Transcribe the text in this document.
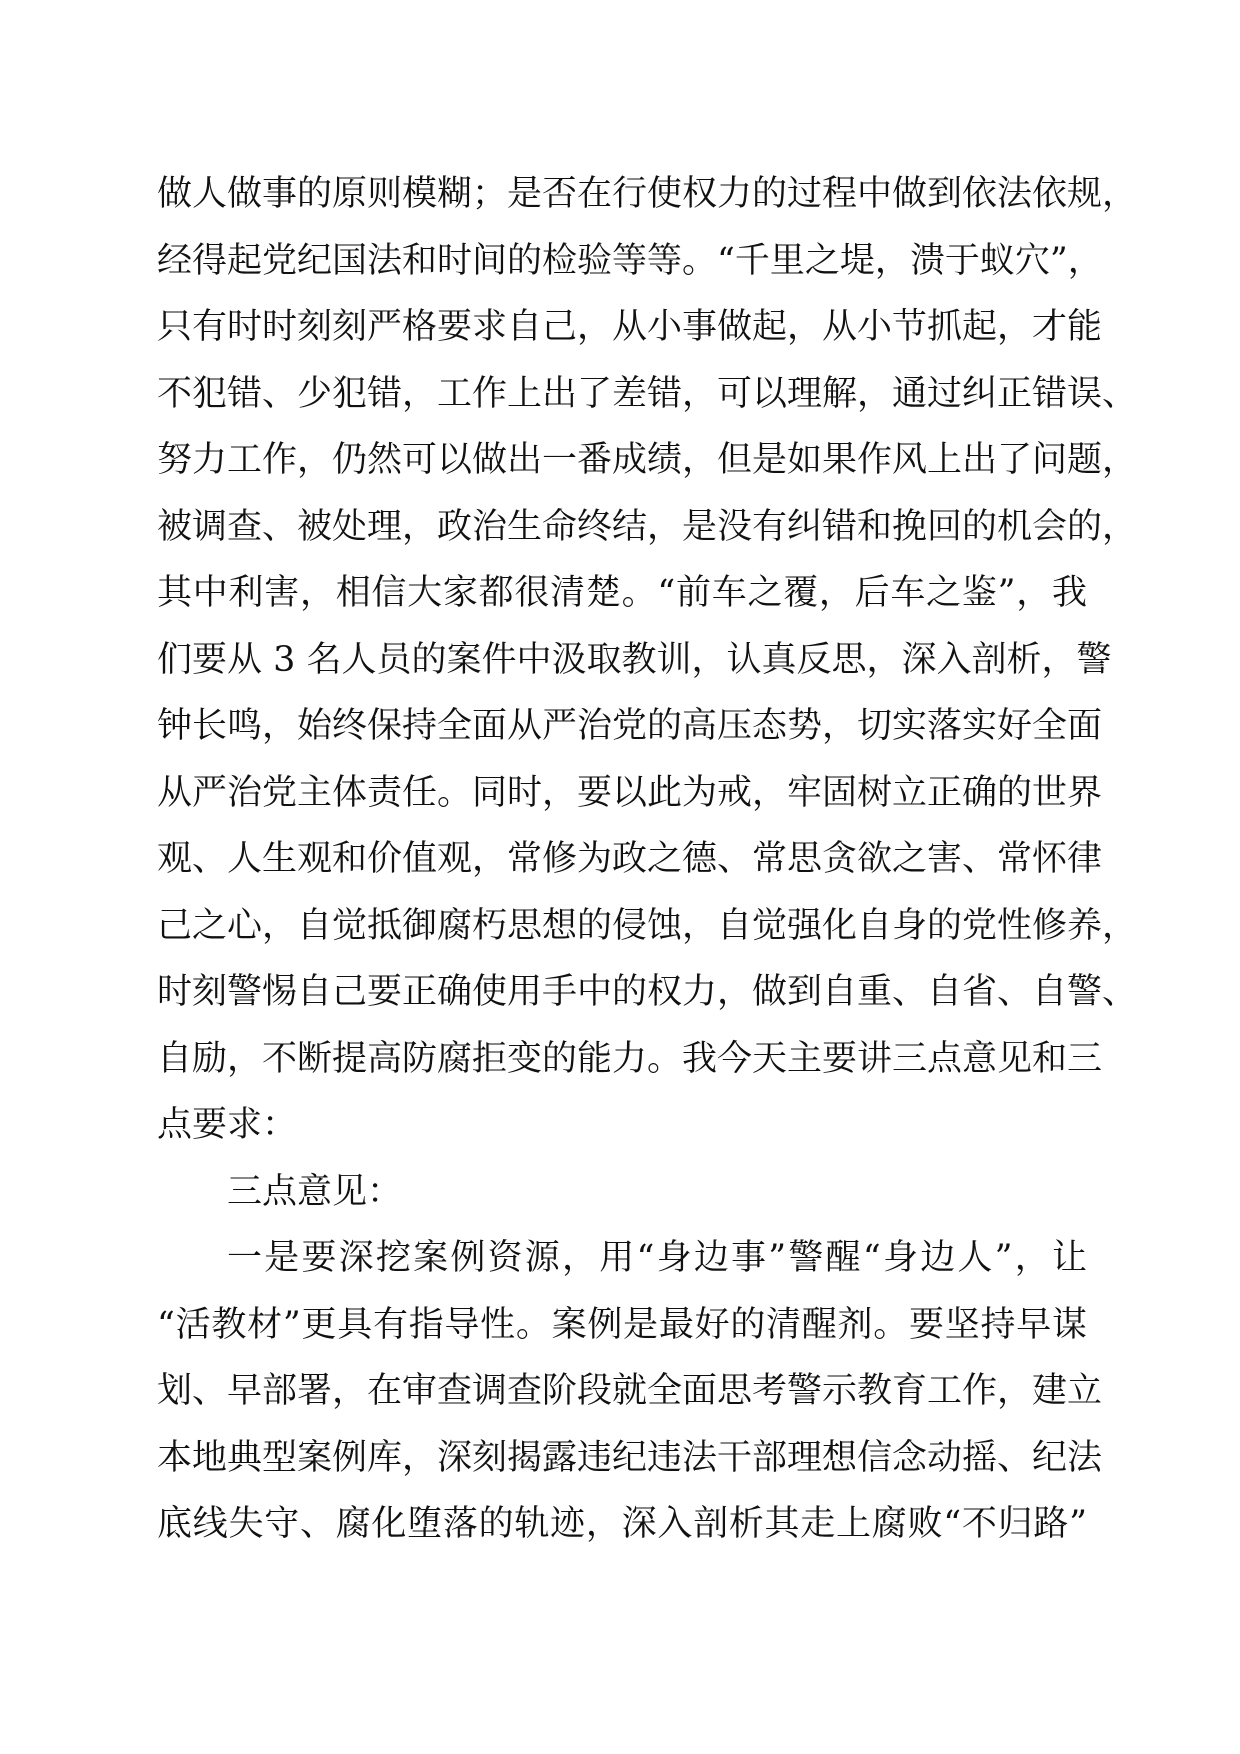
做人做事的原则模糊；是否在行使权力的过程中做到依法依规，
经得起党纪国法和时间的检验等等。“千里之堤，溃于蚁穴”，
只有时时刻刻严格要求自己，从小事做起，从小节抓起，才能
不犯错、少犯错，工作上出了差错，可以理解，通过纠正错误、
努力工作，仍然可以做出一番成绩，但是如果作风上出了问题，
被调查、被处理，政治生命终结，是没有纠错和挽回的机会的，
其中利害，相信大家都很清楚。“前车之覆，后车之鉴”，我
们要从 3 名人员的案件中汲取教训，认真反思，深入剖析，警
钟长鸣，始终保持全面从严治党的高压态势，切实落实好全面
从严治党主体责任。同时，要以此为戒，牢固树立正确的世界
观、人生观和价值观，常修为政之德、常思贪欲之害、常怀律
己之心，自觉抵御腐朽思想的侵蚀，自觉强化自身的党性修养，
时刻警惕自己要正确使用手中的权力，做到自重、自省、自警、
自励，不断提高防腐拒变的能力。我今天主要讲三点意见和三
点要求：
三点意见：
一是要深挖案例资源，用“身边事”警醒“身边人”，让
“活教材”更具有指导性。案例是最好的清醒剂。要坚持早谋
划、早部署，在审查调查阶段就全面思考警示教育工作，建立
本地典型案例库，深刻揭露违纪违法干部理想信念动摇、纪法
底线失守、腐化堕落的轨迹，深入剖析其走上腐败“不归路”
